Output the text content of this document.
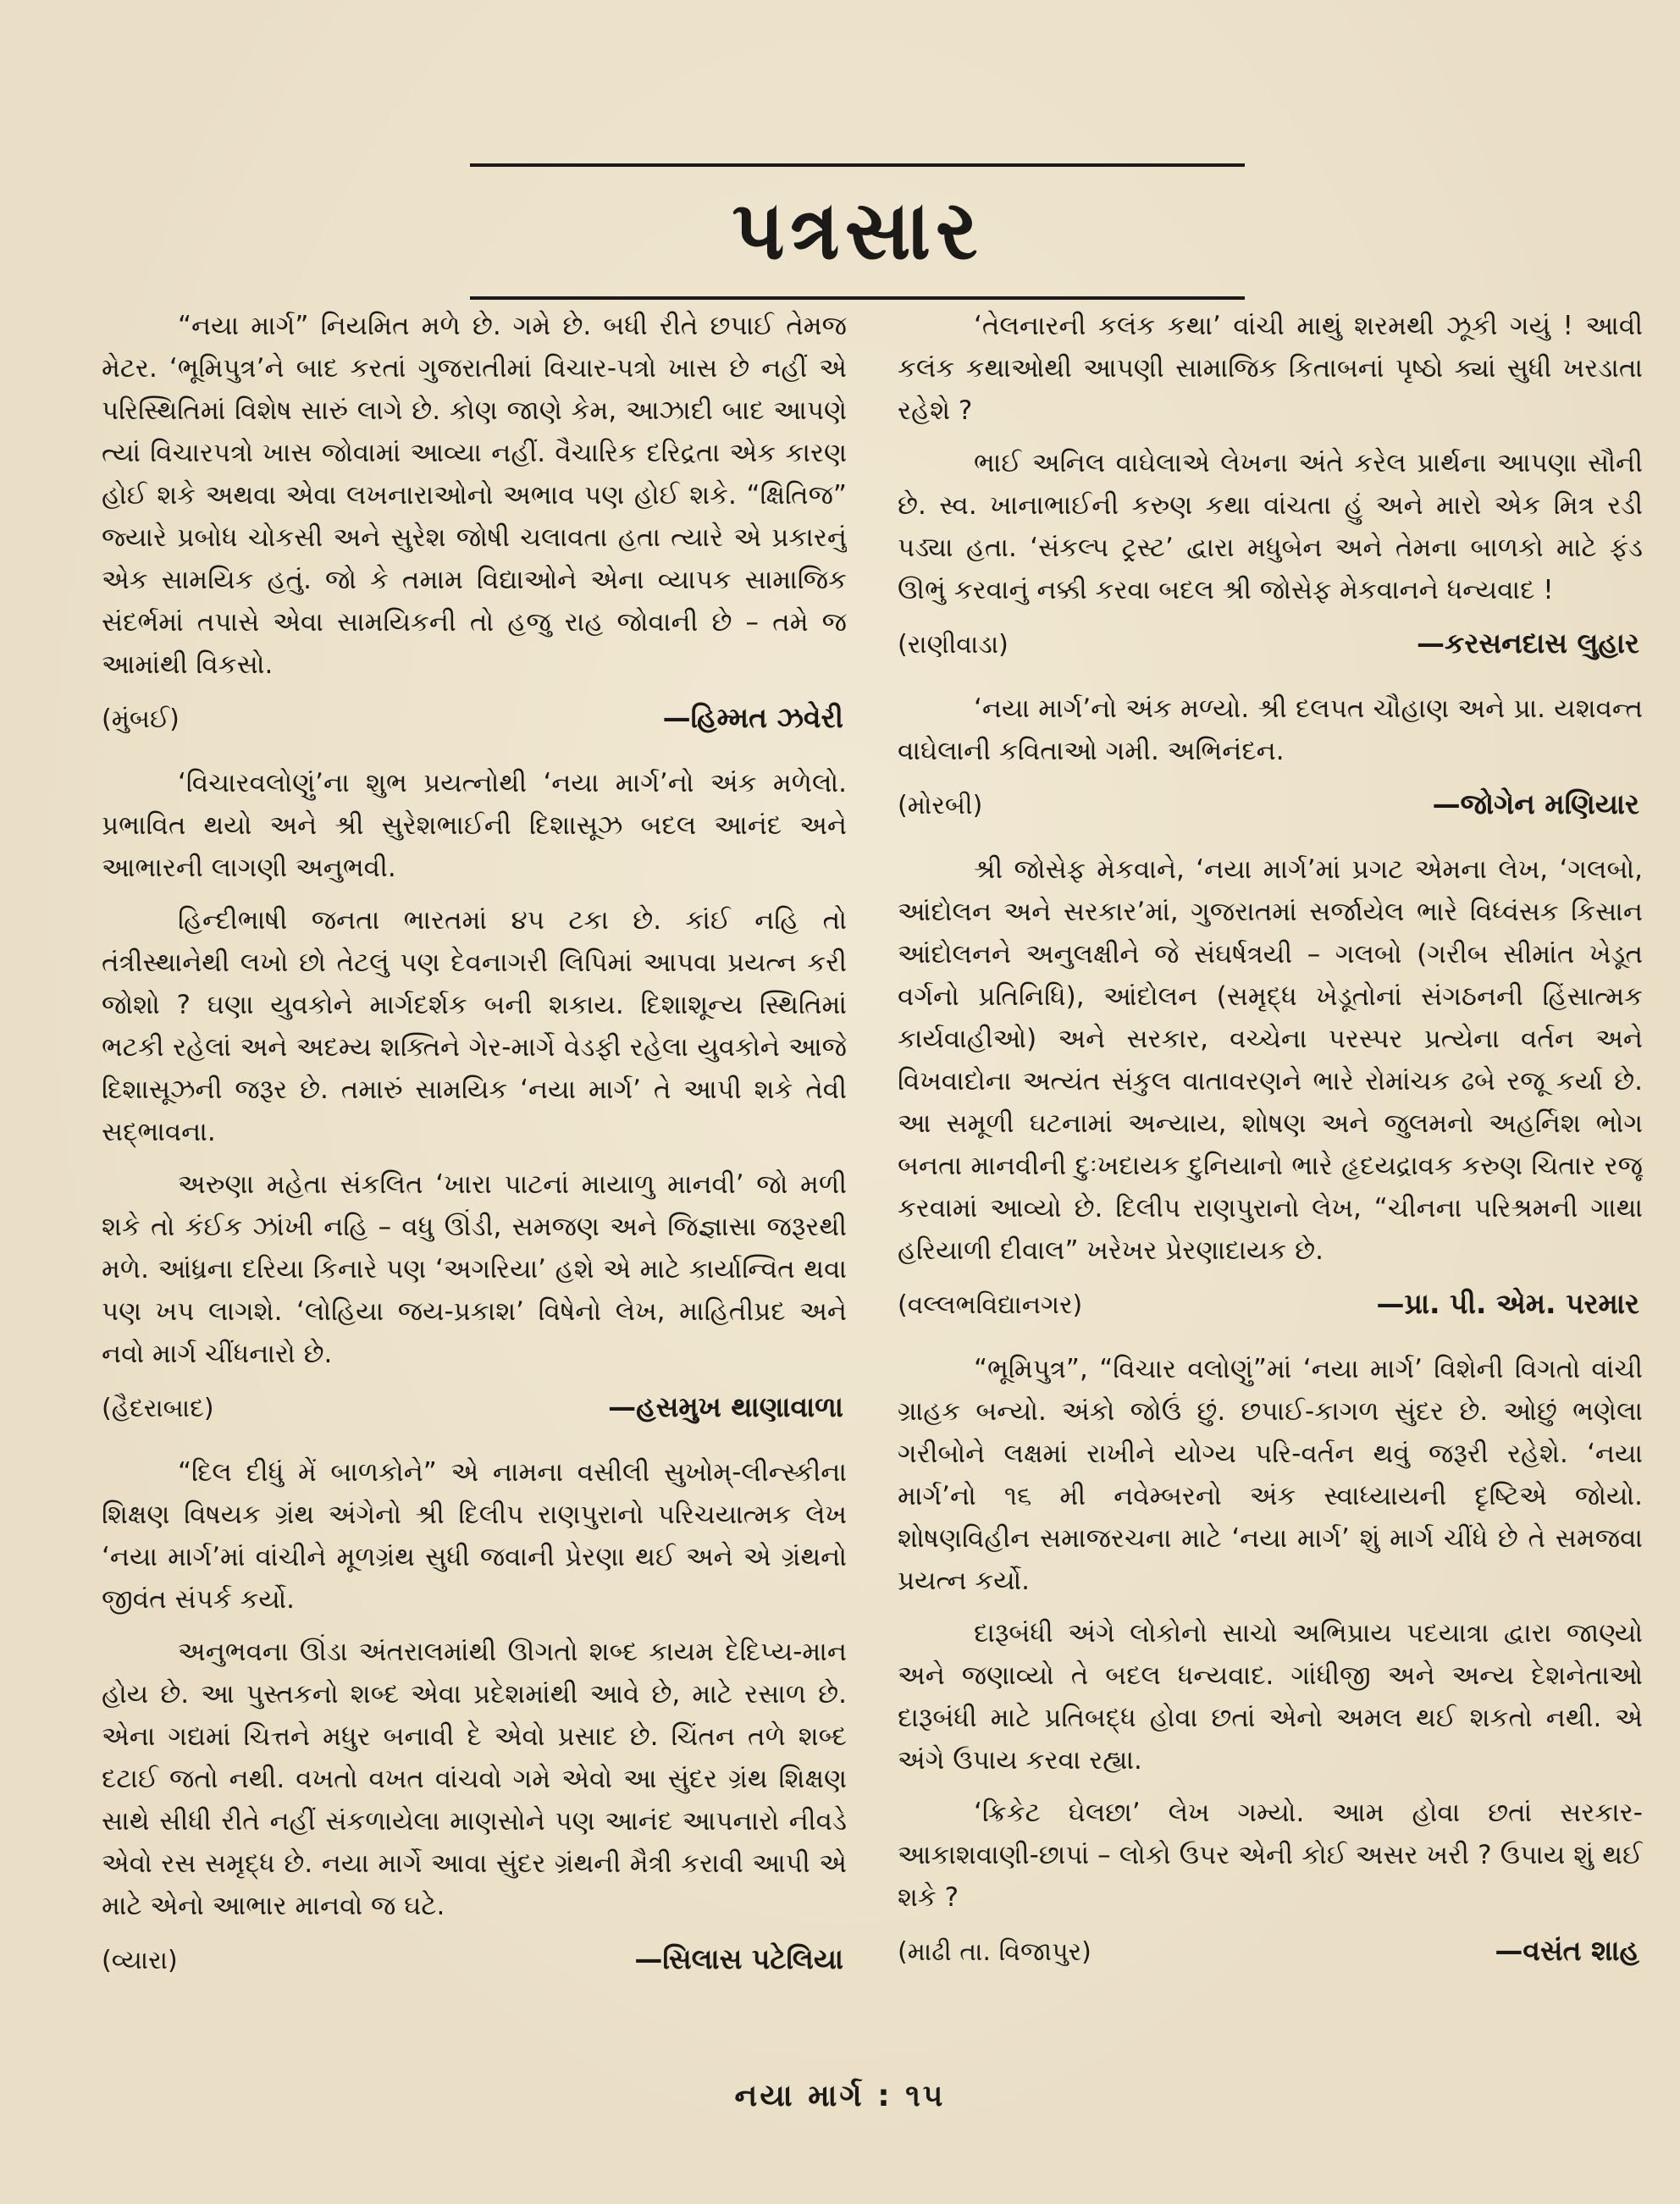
પત્રસાર

“નયા માર્ગ” નિયમિત મળે છે. ગમે છે. બધી રીતે છપાઈ તેમજ મેટર. ‘ભૂમિપુત્ર’ને બાદ કરતાં ગુજરાતીમાં વિચાર-પત્રો ખાસ છે નહીં એ પરિસ્થિતિમાં વિશેષ સારું લાગે છે. કોણ જાણે કેમ, આઝાદી બાદ આપણે ત્યાં વિચારપત્રો ખાસ જોવામાં આવ્યા નહીં. વૈચારિક દરિદ્રતા એક કારણ હોઈ શકે અથવા એવા લખનારાઓનો અભાવ પણ હોઈ શકે. “ક્ષિતિજ” જ્યારે પ્રબોધ ચોકસી અને સુરેશ જોષી ચલાવતા હતા ત્યારે એ પ્રકારનું એક સામયિક હતું. જો કે તમામ વિદ્યાઓને એના વ્યાપક સામાજિક સંદર્ભમાં તપાસે એવા સામયિકની તો હજુ રાહ જોવાની છે – તમે જ આમાંથી વિકસો.

(મુંબઈ)	—હિમ્મત ઝવેરી

‘વિચારવલોણું’ના શુભ પ્રયત્નોથી ‘નયા માર્ગ’નો અંક મળેલો. પ્રભાવિત થયો અને શ્રી સુરેશભાઈની દિશાસૂઝ બદલ આનંદ અને આભારની લાગણી અનુભવી.

હિન્દીભાષી જનતા ભારતમાં ૪૫ ટકા છે. કાંઈ નહિ તો તંત્રીસ્થાનેથી લખો છો તેટલું પણ દેવનાગરી લિપિમાં આપવા પ્રયત્ન કરી જોશો ? ઘણા યુવકોને માર્ગદર્શક બની શકાય. દિશાશૂન્ય સ્થિતિમાં ભટકી રહેલાં અને અદમ્ય શક્તિને ગેર-માર્ગે વેડફી રહેલા યુવકોને આજે દિશાસૂઝની જરૂર છે. તમારું સામયિક ‘નયા માર્ગ’ તે આપી શકે તેવી સદ્ભાવના.

અરુણા મહેતા સંકલિત ‘ખારા પાટનાં માયાળુ માનવી’ જો મળી શકે તો કંઈક ઝાંખી નહિ – વધુ ઊંડી, સમજણ અને જિજ્ઞાસા જરૂરથી મળે. આંધ્રના દરિયા કિનારે પણ ‘અગરિયા’ હશે એ માટે કાર્યાન્વિત થવા પણ ખપ લાગશે. ‘લોહિયા જય-પ્રકાશ’ વિષેનો લેખ, માહિતીપ્રદ અને નવો માર્ગ ચીંધનારો છે.

(હૈદરાબાદ)	—હસમુખ થાણાવાળા

“દિલ દીધું મેં બાળકોને” એ નામના વસીલી સુખોમ્-લીન્સ્કીના શિક્ષણ વિષયક ગ્રંથ અંગેનો શ્રી દિલીપ રાણપુરાનો પરિચયાત્મક લેખ ‘નયા માર્ગ’માં વાંચીને મૂળગ્રંથ સુધી જવાની પ્રેરણા થઈ અને એ ગ્રંથનો જીવંત સંપર્ક કર્યો.

અનુભવના ઊંડા અંતરાલમાંથી ઊગતો શબ્દ કાયમ દેદિપ્ય-માન હોય છે. આ પુસ્તકનો શબ્દ એવા પ્રદેશમાંથી આવે છે, માટે રસાળ છે. એના ગદ્યમાં ચિત્તને મધુર બનાવી દે એવો પ્રસાદ છે. ચિંતન તળે શબ્દ દટાઈ જતો નથી. વખતો વખત વાંચવો ગમે એવો આ સુંદર ગ્રંથ શિક્ષણ સાથે સીધી રીતે નહીં સંકળાયેલા માણસોને પણ આનંદ આપનારો નીવડે એવો રસ સમૃદ્ધ છે. નયા માર્ગે આવા સુંદર ગ્રંથની મૈત્રી કરાવી આપી એ માટે એનો આભાર માનવો જ ઘટે.

(વ્યારા)	—સિલાસ પટેલિયા

‘તેલનારની કલંક કથા’ વાંચી માથું શરમથી ઝૂકી ગયું ! આવી કલંક કથાઓથી આપણી સામાજિક કિતાબનાં પૃષ્ઠો ક્યાં સુધી ખરડાતા રહેશે ?

ભાઈ અનિલ વાઘેલાએ લેખના અંતે કરેલ પ્રાર્થના આપણા સૌની છે. સ્વ. ખાનાભાઈની કરુણ કથા વાંચતા હું અને મારો એક મિત્ર રડી પડ્યા હતા. ‘સંકલ્પ ટ્રસ્ટ’ દ્વારા મધુબેન અને તેમના બાળકો માટે ફંડ ઊભું કરવાનું નક્કી કરવા બદલ શ્રી જોસેફ મેકવાનને ધન્યવાદ !

(રાણીવાડા)	—કરસનદાસ લુહાર

‘નયા માર્ગ’નો અંક મળ્યો. શ્રી દલપત ચૌહાણ અને પ્રા. યશવન્ત વાઘેલાની કવિતાઓ ગમી. અભિનંદન.

(મોરબી)	—જોગેન મણિયાર

શ્રી જોસેફ મેકવાને, ‘નયા માર્ગ’માં પ્રગટ એમના લેખ, ‘ગલબો, આંદોલન અને સરકાર’માં, ગુજરાતમાં સર્જાયેલ ભારે વિધ્વંસક કિસાન આંદોલનને અનુલક્ષીને જે સંઘર્ષત્રયી – ગલબો (ગરીબ સીમાંત ખેડૂત વર્ગનો પ્રતિનિધિ), આંદોલન (સમૃદ્ધ ખેડૂતોનાં સંગઠનની હિંસાત્મક કાર્યવાહીઓ) અને સરકાર, વચ્ચેના પરસ્પર પ્રત્યેના વર્તન અને વિખવાદોના અત્યંત સંકુલ વાતાવરણને ભારે રોમાંચક ઢબે રજૂ કર્યા છે. આ સમૂળી ઘટનામાં અન્યાય, શોષણ અને જુલમનો અહર્નિશ ભોગ બનતા માનવીની દુઃખદાયક દુનિયાનો ભારે હૃદયદ્રાવક કરુણ ચિતાર રજૂ કરવામાં આવ્યો છે. દિલીપ રાણપુરાનો લેખ, “ચીનના પરિશ્રમની ગાથા હરિયાળી દીવાલ” ખરેખર પ્રેરણાદાયક છે.

(વલ્લભવિદ્યાનગર)	—પ્રા. પી. એમ. પરમાર

“ભૂમિપુત્ર”, “વિચાર વલોણું”માં ‘નયા માર્ગ’ વિશેની વિગતો વાંચી ગ્રાહક બન્યો. અંકો જોઉં છું. છપાઈ-કાગળ સુંદર છે. ઓછું ભણેલા ગરીબોને લક્ષમાં રાખીને યોગ્ય પરિ-વર્તન થવું જરૂરી રહેશે. ‘નયા માર્ગ’નો ૧૬ મી નવેમ્બરનો અંક સ્વાધ્યાયની દૃષ્ટિએ જોયો. શોષણવિહીન સમાજરચના માટે ‘નયા માર્ગ’ શું માર્ગ ચીંધે છે તે સમજવા પ્રયત્ન કર્યો.

દારૂબંધી અંગે લોકોનો સાચો અભિપ્રાય પદયાત્રા દ્વારા જાણ્યો અને જણાવ્યો તે બદલ ધન્યવાદ. ગાંધીજી અને અન્ય દેશનેતાઓ દારૂબંધી માટે પ્રતિબદ્ધ હોવા છતાં એનો અમલ થઈ શકતો નથી. એ અંગે ઉપાય કરવા રહ્યા.

‘ક્રિકેટ ઘેલછા’ લેખ ગમ્યો. આમ હોવા છતાં સરકાર-આકાશવાણી-છાપાં – લોકો ઉપર એની કોઈ અસર ખરી ? ઉપાય શું થઈ શકે ?

(માઢી તા. વિજાપુર)	—વસંત શાહ
નયા માર્ગ : ૧૫
